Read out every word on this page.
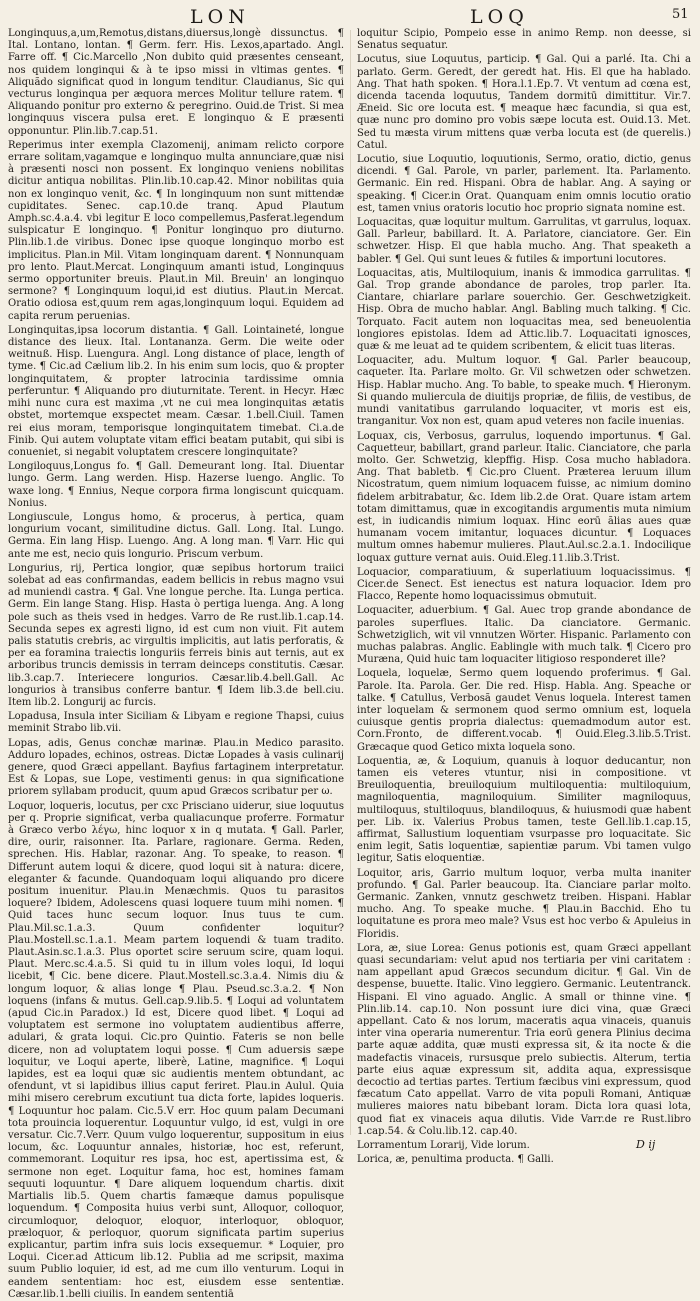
LON	LOQ	51

Longinquus,a,um,Remotus,distans,diuersus,longè dissunctus. ¶ Ital. Lontano, lontan. ¶ Germ. ferr. His. Lexos,apartado. Angl. Farre off. ¶ Cic.Marcello ,Non dubito quid præsentes censeant, nos quidem longinqui & à te ipso missi in vltimas gentes. ¶ Aliquãdo significat quod in longum tenditur. Claudianus, Sic qui vecturus longinqua per æquora merces Molitur tellure ratem. ¶ Aliquando ponitur pro externo & peregrino. Ouid.de Trist. Si mea longinquus viscera pulsa eret. E longinquo & E præsenti opponuntur. Plin.lib.7.cap.51.

Reperimus inter exempla Clazomenij, animam relicto corpore errare solitam,vagamque e longinquo multa annunciare,quæ nisi à præsenti nosci non possent. Ex longinquo veniens nobilitas dicitur antiqua nobilitas. Plin.lib.10.cap.42. Minor nobilitas quia non ex longinquo venit, &c. ¶ In longinquum non sunt mittendæ cupiditates. Senec. cap.10.de tranq. Apud Plautum Amph.sc.4.a.4. vbi legitur E loco compellemus,Pasferat.legendum sulspicatur E longinquo. ¶ Ponitur longinquo pro diuturno. Plin.lib.1.de viribus. Donec ipse quoque longinquo morbo est implicitus. Plan.in Mil. Vitam longinquam darent. ¶ Nonnunquam pro lento. Plaut.Mercat. Longinquum amanti istud, Longinquus sermo opportuniter breuis. Plaut.in Mil. Breuin' an longinquo sermone? ¶ Longinquum loqui,id est diutius. Plaut.in Mercat. Oratio odiosa est,quum rem agas,longinquum loqui. Equidem ad capita rerum peruenias.

Longinquitas,ipsa locorum distantia. ¶ Gall. Lointaineté, longue distance des lieux. Ital. Lontananza. Germ. Die weite oder weitnuß. Hisp. Luengura. Angl. Long distance of place, length of tyme. ¶ Cic.ad Cælium lib.2. In his enim sum locis, quo & propter longinquitatem, & propter latrocinia tardissime omnia perferuntur. ¶ Aliquando pro diuturnitate. Terent. in Hecyr. Hæc mihi nunc cura est maxima ,vt ne cui mea longinquitas ætatis obstet, mortemque exspectet meam. Cæsar. 1.bell.Ciuil. Tamen rei eius moram, temporisque longinquitatem timebat. Ci.a.de Finib. Qui autem voluptate vitam effici beatam putabit, qui sibi is conueniet, si negabit voluptatem crescere longinquitate?

Longiloquus,Longus fo. ¶ Gall. Demeurant long. Ital. Diuentar lungo. Germ. Lang werden. Hisp. Hazerse luengo. Anglic. To waxe long. ¶ Ennius, Neque corpora firma longiscunt quicquam. Nonius.

Longiuscule, Longus homo, & procerus, à pertica, quam longurium vocant, similitudine dictus. Gall. Long. Ital. Lungo. Germa. Ein lang Hisp. Luengo. Ang. A long man. ¶ Varr. Hic qui ante me est, necio quis longurio. Priscum verbum.

Longurius, rij, Pertica longior, quæ sepibus hortorum traiici solebat ad eas confirmandas, eadem bellicis in rebus magno vsui ad muniendi castra. ¶ Gal. Vne longue perche. Ita. Lunga pertica. Germ. Ein lange Stang. Hisp. Hasta ò pertiga luenga. Ang. A long pole such as theis vsed in hedges. Varro de Re rust.lib.1.cap.14. Secunda sepes ex agresti ligno, id est cum non viuit. Fit autem palis statutis crebris, ac virgultis implicitis, aut latis perforatis, & per ea foramina traiectis longuriis ferreis binis aut ternis, aut ex arboribus truncis demissis in terram deinceps constitutis. Cæsar. lib.3.cap.7. Interiecere longurios. Cæsar.lib.4.bell.Gall. Ac longurios à transibus conferre bantur. ¶ Idem lib.3.de bell.ciu. Item lib.2. Longurij ac furcis.

Lopadusa, Insula inter Siciliam & Libyam e regione Thapsi, cuius meminit Strabo lib.vii.

Lopas, adis, Genus conchæ marinæ. Plau.in Medico parasito. Adduro lopades, echinos, ostreas. Dictæ Lopades à vasis culinarij genere, quod Græci appellant. Bayfius fartaginem interpretatur. Est & Lopas, sue Lope, vestimenti genus: in qua significatione priorem syllabam producit, quum apud Græcos scribatur per ω.

Loquor, loqueris, locutus, per cxc Prisciano uiderur, siue loquutus per q. Proprie significat, verba qualiacunque proferre. Formatur à Græco verbo λέγω, hinc loquor x in q mutata. ¶ Gall. Parler, dire, ourir, raisonner. Ita. Parlare, ragionare. Germa. Reden, sprechen. His. Hablar, razonar. Ang. To speake, to reason. ¶ Differunt autem loqui & dicere, quod loqui sit à natura: dicere, eleganter & facunde. Quandoquam loqui aliquando pro dicere positum inuenitur. Plau.in Menæchmis. Quos tu parasitos loquere? Ibidem, Adolescens quasi loquere tuum mihi nomen. ¶ Quid taces hunc secum loquor. Inus tuus te cum. Plau.Mil.sc.1.a.3. Quum confidenter loquitur? Plau.Mostell.sc.1.a.1. Meam partem loquendi & tuam tradito. Plaut.Asin.sc.1.a.3. Plus oportet scire seruum scire, quam loqui. Plaut. Merc.sc.4.a.5. Si quid tu in illum voles loqui, Id loqui licebit, ¶ Cic. bene dicere. Plaut.Mostell.sc.3.a.4. Nimis diu & longum loquor, & alias longe ¶ Plau. Pseud.sc.3.a.2. ¶ Non loquens (infans & mutus. Gell.cap.9.lib.5. ¶ Loqui ad voluntatem (apud Cic.in Paradox.) Id est, Dicere quod libet. ¶ Loqui ad voluptatem est sermone ino voluptatem audientibus afferre, adulari, & grata loqui. Cic.pro Quintio. Fateris se non belle dicere, non ad voluptatem loqui posse. ¶ Cum aduersis sæpe loquitur, ve Loqui aperte, liberè, Latine, magnifice. ¶ Loqui lapides, est ea loqui quæ sic audientis mentem obtundant, ac ofendunt, vt si lapidibus illius caput feriret. Plau.in Aulul. Quia mihi misero cerebrum excutiunt tua dicta forte, lapides loqueris. ¶ Loquuntur hoc palam. Cic.5.V err. Hoc quum palam Decumani tota prouincia loquerentur. Loquuntur vulgo, id est, vulgi in ore versatur. Cic.7.Verr. Quum vulgo loquerentur, suppositum in eius locum, &c. Loquuntur annales, historiæ, hoc est, referunt, commemorant. Loquitur res ipsa, hoc est, apertissima est, & sermone non eget. Loquitur fama, hoc est, homines famam sequuti loquuntur. ¶ Dare aliquem loquendum chartis. dixit Martialis lib.5. Quem chartis famæque damus populisque loquendum. ¶ Composita huius verbi sunt, Alloquor, colloquor, circumloquor, deloquor, eloquor, interloquor, obloquor, præloquor, & perloquor, quorum significata partim superius explicantur, partim infra suis locis exsequemur. * Loquier, pro Loqui. Cicer.ad Atticum lib.12. Publia ad me scripsit, maxima suum Publio loquier, id est, ad me cum illo venturum. Loqui in eandem sententiam: hoc est, eiusdem esse sententiæ. Cæsar.lib.1.belli ciuilis. In eandem sententiā

loquitur Scipio, Pompeio esse in animo Remp. non deesse, si Senatus sequatur.

Locutus, siue Loquutus, particip. ¶ Gal. Qui a parlé. Ita. Chi a parlato. Germ. Geredt, der geredt hat. His. El que ha hablado. Ang. That hath spoken. ¶ Hora.l.1.Ep.7. Vt ventum ad cœna est, dicenda tacenda loquutus, Tandem dormitū dimittitur. Vir.7. Æneid. Sic ore locuta est. ¶ meaque hæc facundia, si qua est, quæ nunc pro domino pro vobis sæpe locuta est. Ouid.13. Met. Sed tu mæsta virum mittens quæ verba locuta est (de querelis.) Catul.

Locutio, siue Loquutio, loquutionis, Sermo, oratio, dictio, genus dicendi. ¶ Gal. Parole, vn parler, parlement. Ita. Parlamento. Germanic. Ein red. Hispani. Obra de hablar. Ang. A saying or speaking. ¶ Cicer.in Orat. Quanquam enim omnis locutio oratio est, tamen vnius oratoris locutio hoc proprio signata nomine est.

Loquacitas, quæ loquitur multum. Garrulitas, vt garrulus, loquax. Gall. Parleur, babillard. It. A. Parlatore, cianciatore. Ger. Ein schwetzer. Hisp. El que habla mucho. Ang. That speaketh a babler. ¶ Gel. Qui sunt leues & futiles & importuni locutores.

Loquacitas, atis, Multiloquium, inanis & immodica garrulitas. ¶ Gal. Trop grande abondance de paroles, trop parler. Ita. Ciantare, chiarlare parlare souerchio. Ger. Geschwetzigkeit. Hisp. Obra de mucho hablar. Angl. Babling much talking. ¶ Cic. Torquato. Facit autem non loquacitas mea, sed beneuolentia longiores epistolas. Idem ad Attic.lib.7. Loquacitati ignosces, quæ & me leuat ad te quidem scribentem, & elicit tuas literas.

Loquaciter, adu. Multum loquor. ¶ Gal. Parler beaucoup, caqueter. Ita. Parlare molto. Gr. Vil schwetzen oder schwetzen. Hisp. Hablar mucho. Ang. To bable, to speake much. ¶ Hieronym. Si quando muliercula de diuitijs propriæ, de filiis, de vestibus, de mundi vanitatibus garrulando loquaciter, vt moris est eis, tranganitur. Vox non est, quam apud veteres non facile inuenias.

Loquax, cis, Verbosus, garrulus, loquendo importunus. ¶ Gal. Caquetteur, babillart, grand parleur. Italic. Cianciatore, che parla molto. Ger. Schwetzig, klepffig. Hisp. Cosa mucho habladora. Ang. That babletb. ¶ Cic.pro Cluent. Præterea leruum illum Nicostratum, quem nimium loquacem fuisse, ac nimium domino fidelem arbitrabatur, &c. Idem lib.2.de Orat. Quare istam artem totam dimittamus, quæ in excogitandis argumentis muta nimium est, in iudicandis nimium loquax. Hinc eorū ãlias aues quæ humanam vocem imitantur, loquaces dicuntur. ¶ Loquaces multum omnes habemur mulieres. Plaut.Aul.sc.2.a.1. Indocilique loquax gutture vernat auis. Ouid.Eleg.11.lib.3.Trist.

Loquacior, comparatiuum, & superlatiuum loquacissimus. ¶ Cicer.de Senect. Est ienectus est natura loquacior. Idem pro Flacco, Repente homo loquacissimus obmutuit.

Loquaciter, aduerbium. ¶ Gal. Auec trop grande abondance de paroles superflues. Italic. Da cianciatore. Germanic. Schwetziglich, wit vil vnnutzen Wörter. Hispanic. Parlamento con muchas palabras. Anglic. Eablingle with much talk. ¶ Cicero pro Muræna, Quid huic tam loquaciter litigioso responderet ille?

Loquela, loquelæ, Sermo quem loquendo proferimus. ¶ Gal. Parole. Ita. Parola. Ger. Die red. Hisp. Habla. Ang. Speache or talke. ¶ Catullus, Verbosã gaudet Venus loquela. Interest tamen inter loquelam & sermonem quod sermo omnium est, loquela cuiusque gentis propria dialectus: quemadmodum autor est. Corn.Fronto, de different.vocab. ¶ Ouid.Eleg.3.lib.5.Trist. Græcaque quod Getico mixta loquela sono.

Loquentia, æ, & Loquium, quanuis à loquor deducantur, non tamen eis veteres vtuntur, nisi in compositione. vt Breuiloquentia, breuiloquium multiloquentia: multiloquium, magniloquentia, magniloquium. Similiter magniloquus, multiloquus, stultiloquus, blandiloquus, & huiusmodi quæ habent per. Lib. ix. Valerius Probus tamen, teste Gell.lib.1.cap.15, affirmat, Sallustium loquentiam vsurpasse pro loquacitate. Sic enim legit, Satis loquentiæ, sapientiæ parum. Vbi tamen vulgo legitur, Satis eloquentiæ.

Loquitor, aris, Garrio multum loquor, verba multa inaniter profundo. ¶ Gal. Parler beaucoup. Ita. Cianciare parlar molto. Germanic. Zanken, vnnutz geschwetz treiben. Hispani. Hablar mucho. Ang. To speake muche. ¶ Plau.in Bacchid. Eho tu loquitatune es prora meo male? Vsus est hoc verbo & Apuleius in Floridis.

Lora, æ, siue Lorea: Genus potionis est, quam Græci appellant quasi secundariam: velut apud nos tertiaria per vini caritatem : nam appellant apud Græcos secundum dicitur. ¶ Gal. Vin de despense, buuette. Italic. Vino leggiero. Germanic. Leutentranck. Hispani. El vino aguado. Anglic. A small or thinne vine. ¶ Plin.lib.14. cap.10. Non possunt iure dici vina, quæ Græci appellant. Cato & nos lorum, maceratis aqua vinaceis, quanuis inter vina operaria numerentur. Tria eorū genera Plinius decima parte aquæ addita, quæ musti expressa sit, & ita nocte & die madefactis vinaceis, rursusque prelo subiectis. Alterum, tertia parte eius aquæ expressum sit, addita aqua, expressisque decoctio ad tertias partes. Tertium fæcibus vini expressum, quod fæcatum Cato appellat. Varro de vita populi Romani, Antiquæ mulieres maiores natu bibebant loram. Dicta lora quasi lota, quod fiat ex vinaceis aqua dilutis. Vide Varr.de re Rust.libro 1.cap.54. & Colu.lib.12. cap.40.

Lorramentum Lorarij, Vide lorum.

Lorica, æ, penultima producta. ¶ Galli.

D ij
